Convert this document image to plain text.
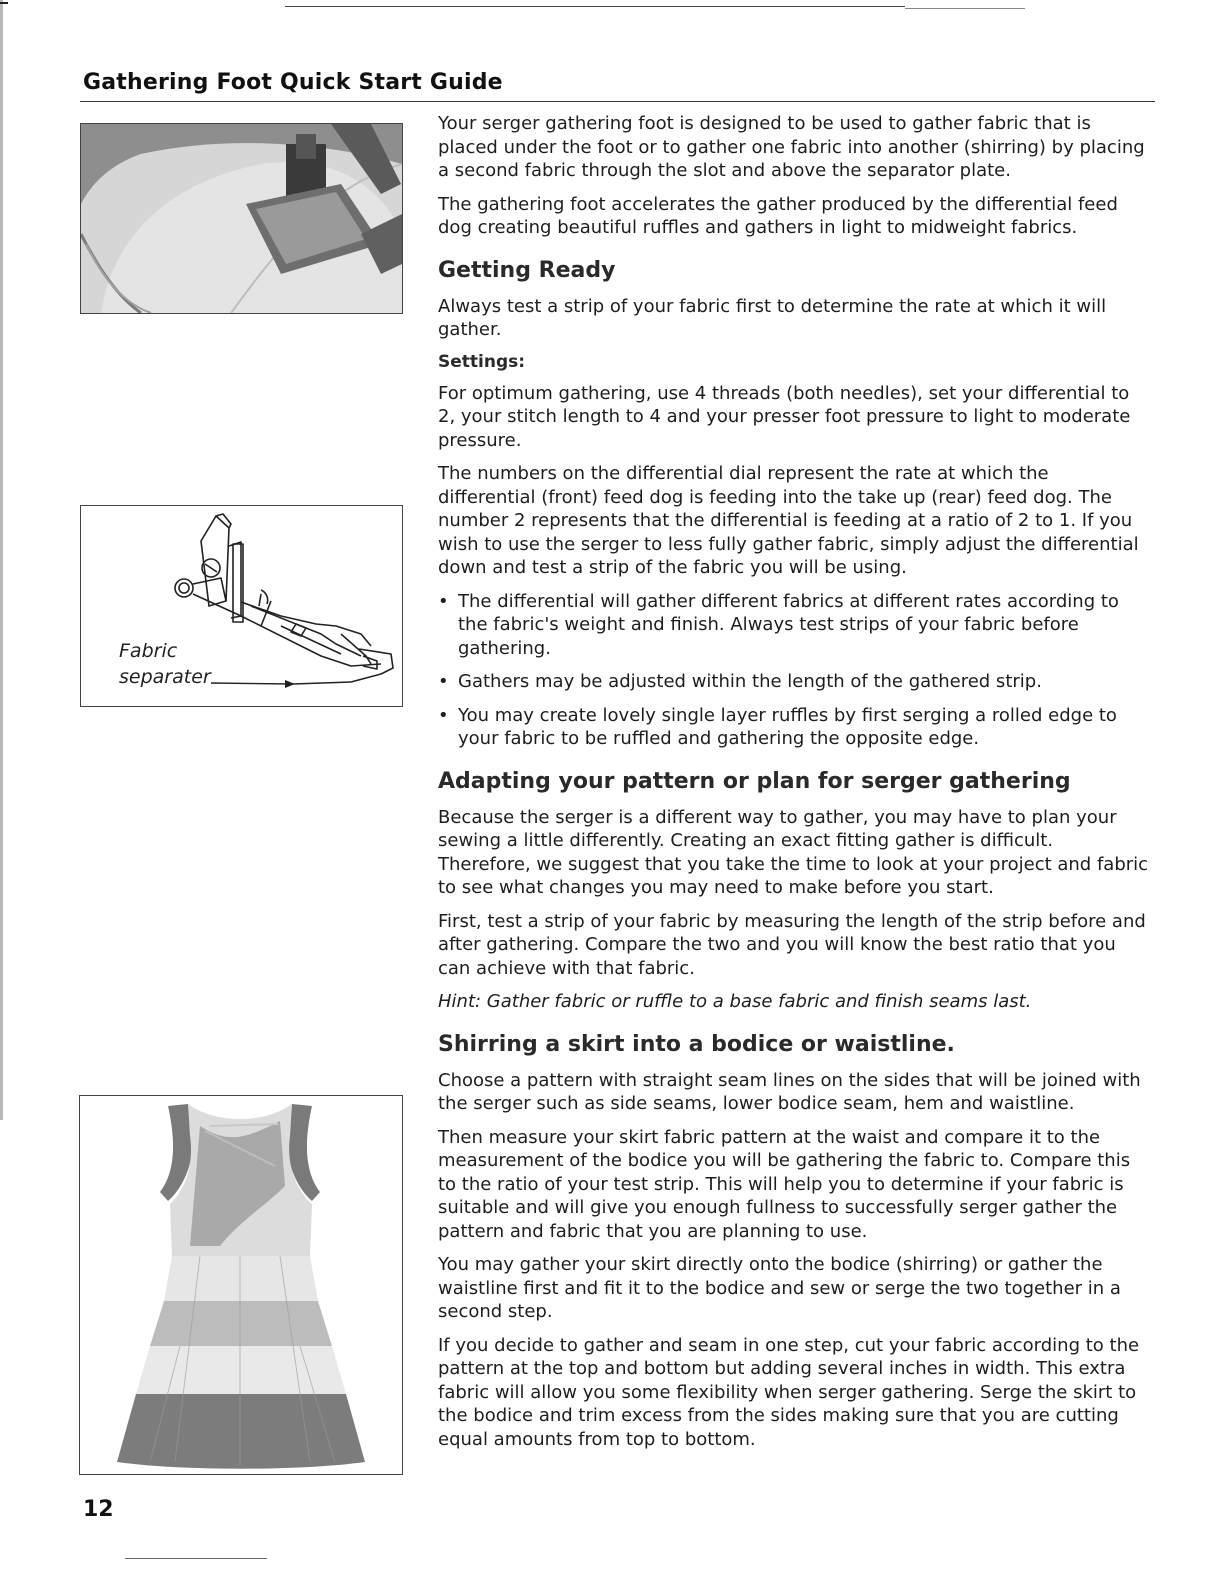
Gathering Foot Quick Start Guide
Fabric
separater

Your serger gathering foot is designed to be used to gather fabric that is placed under the foot or to gather one fabric into another (shirring) by placing a second fabric through the slot and above the separator plate.

The gathering foot accelerates the gather produced by the differential feed dog creating beautiful ruffles and gathers in light to midweight fabrics.

Getting Ready

Always test a strip of your fabric first to determine the rate at which it will gather.

Settings:

For optimum gathering, use 4 threads (both needles), set your differential to 2, your stitch length to 4 and your presser foot pressure to light to moderate pressure.

The numbers on the differential dial represent the rate at which the differential (front) feed dog is feeding into the take up (rear) feed dog. The number 2 represents that the differential is feeding at a ratio of 2 to 1. If you wish to use the serger to less fully gather fabric, simply adjust the differential down and test a strip of the fabric you will be using.

• The differential will gather different fabrics at different rates according to the fabric's weight and finish. Always test strips of your fabric before gathering.
• Gathers may be adjusted within the length of the gathered strip.
• You may create lovely single layer ruffles by first serging a rolled edge to your fabric to be ruffled and gathering the opposite edge.
Adapting your pattern or plan for serger gathering

Because the serger is a different way to gather, you may have to plan your sewing a little differently. Creating an exact fitting gather is difficult. Therefore, we suggest that you take the time to look at your project and fabric to see what changes you may need to make before you start.

First, test a strip of your fabric by measuring the length of the strip before and after gathering. Compare the two and you will know the best ratio that you can achieve with that fabric.

Hint: Gather fabric or ruffle to a base fabric and finish seams last.

Shirring a skirt into a bodice or waistline.

Choose a pattern with straight seam lines on the sides that will be joined with the serger such as side seams, lower bodice seam, hem and waistline.

Then measure your skirt fabric pattern at the waist and compare it to the measurement of the bodice you will be gathering the fabric to. Compare this to the ratio of your test strip. This will help you to determine if your fabric is suitable and will give you enough fullness to successfully serger gather the pattern and fabric that you are planning to use.

You may gather your skirt directly onto the bodice (shirring) or gather the waistline first and fit it to the bodice and sew or serge the two together in a second step.

If you decide to gather and seam in one step, cut your fabric according to the pattern at the top and bottom but adding several inches in width. This extra fabric will allow you some flexibility when serger gathering. Serge the skirt to the bodice and trim excess from the sides making sure that you are cutting equal amounts from top to bottom.

12
